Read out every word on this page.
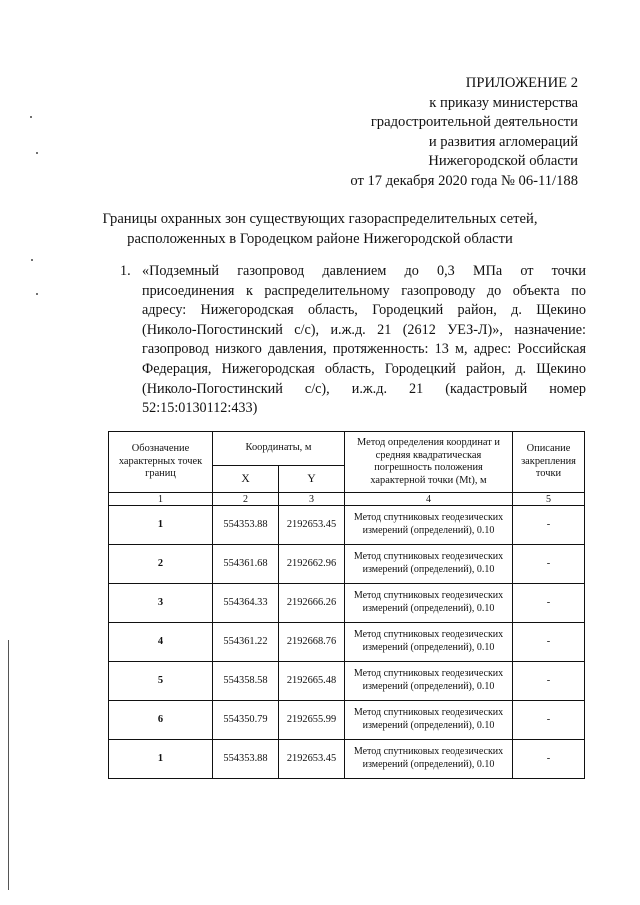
ПРИЛОЖЕНИЕ 2
к приказу министерства
градостроительной деятельности
и развития агломераций
Нижегородской области
от 17 декабря 2020 года № 06-11/188
Границы охранных зон существующих газораспределительных сетей,
расположенных в Городецком районе Нижегородской области
1. «Подземный газопровод давлением до 0,3 МПа от точки
присоединения к распределительному газопроводу до объекта по
адресу: Нижегородская область, Городецкий район, д. Щекино
(Николо-Погостинский с/с), и.ж.д. 21 (2612 УЕЗ-Л)», назначение:
газопровод низкого давления, протяженность: 13 м, адрес: Российская
Федерация, Нижегородская область, Городецкий район, д. Щекино
(Николо-Погостинский с/с), и.ж.д. 21 (кадастровый номер
52:15:0130112:433)
Обозначение характерных точек границ	Координаты, м		Метод определения координат и средняя квадратическая погрешность положения характерной точки (Mt), м	Описание закрепления точки
	X	Y		
1	2	3	4	5
1	554353.88	2192653.45	Метод спутниковых геодезических измерений (определений), 0.10	-
2	554361.68	2192662.96	Метод спутниковых геодезических измерений (определений), 0.10	-
3	554364.33	2192666.26	Метод спутниковых геодезических измерений (определений), 0.10	-
4	554361.22	2192668.76	Метод спутниковых геодезических измерений (определений), 0.10	-
5	554358.58	2192665.48	Метод спутниковых геодезических измерений (определений), 0.10	-
6	554350.79	2192655.99	Метод спутниковых геодезических измерений (определений), 0.10	-
1	554353.88	2192653.45	Метод спутниковых геодезических измерений (определений), 0.10	-
